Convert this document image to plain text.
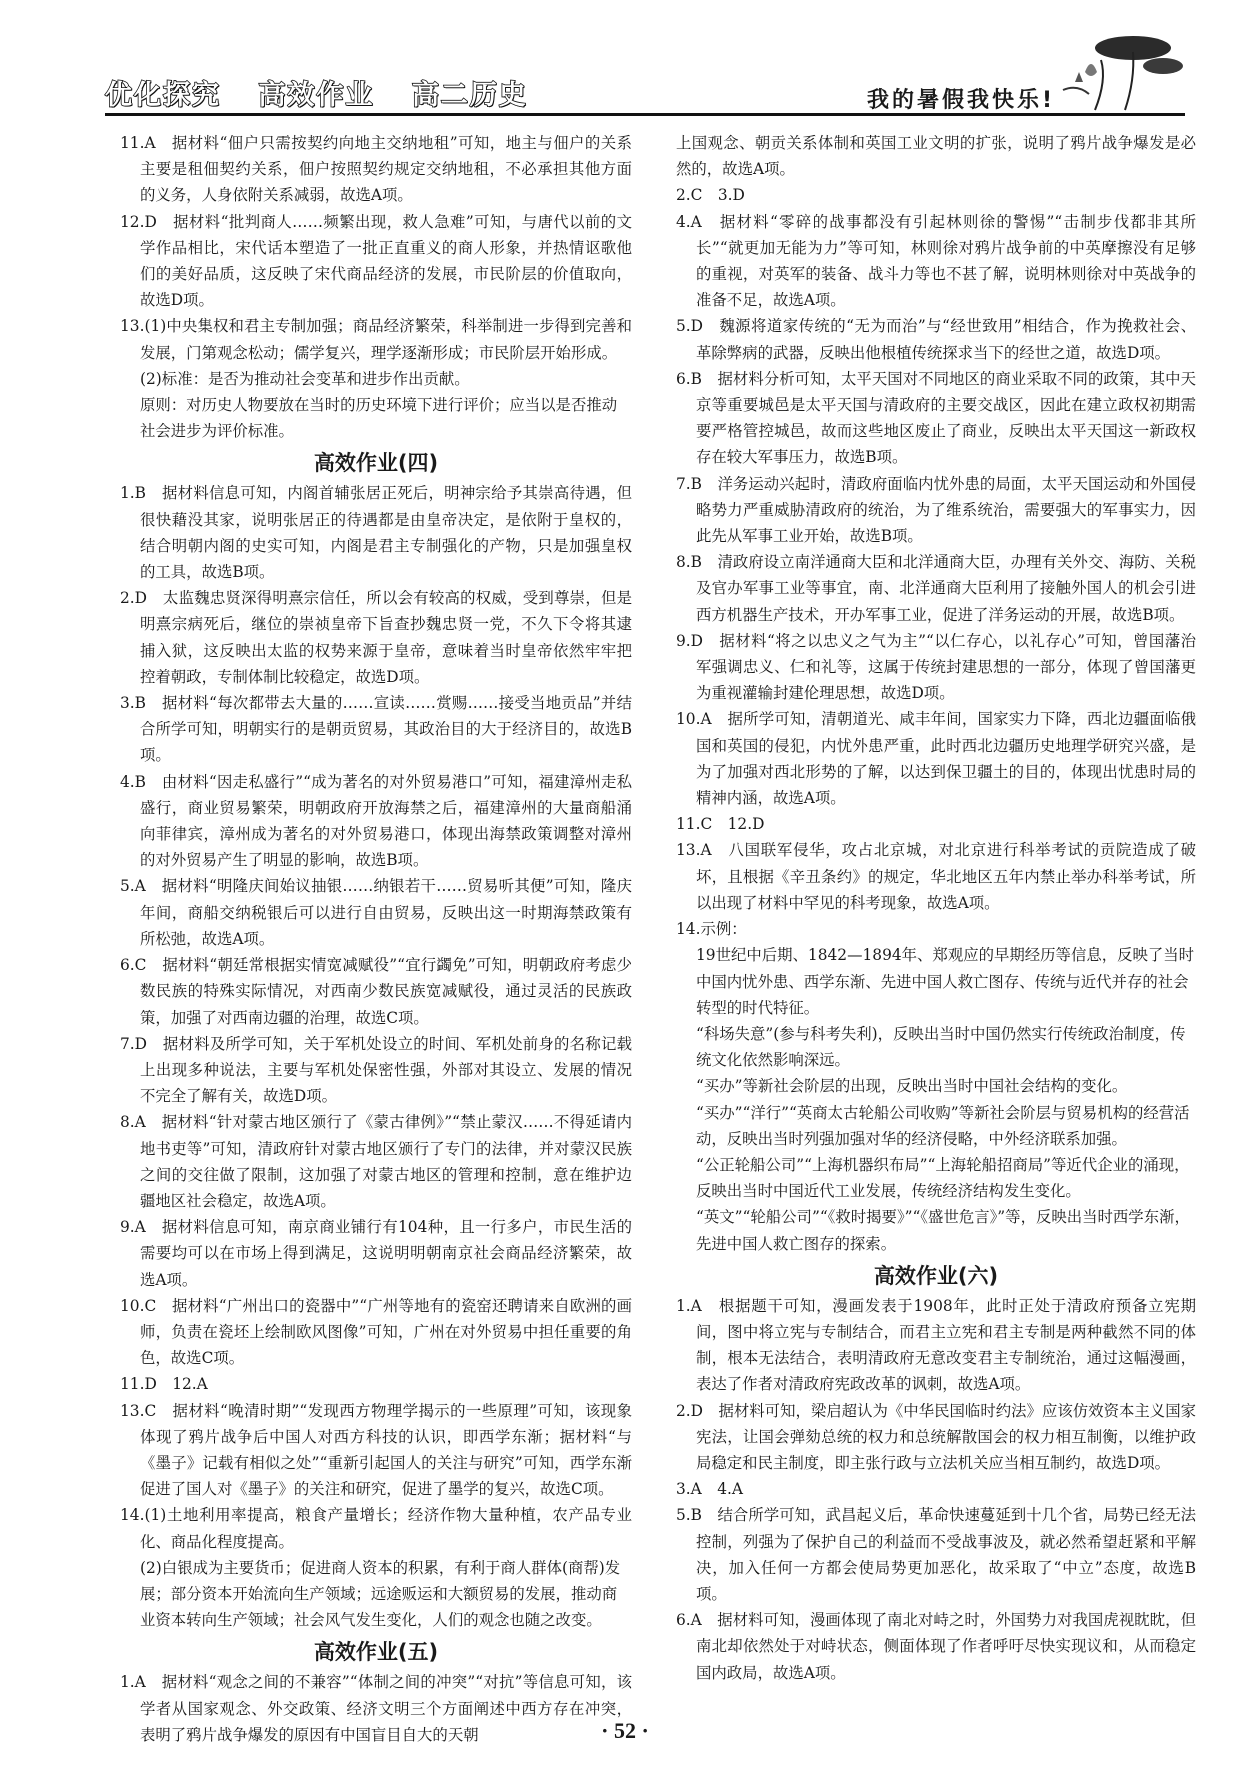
优化探究 高效作业 高二历史	我的暑假我快乐!
11.A　据材料“佃户只需按契约向地主交纳地租”可知，地主与佃户的关系主要是租佃契约关系，佃户按照契约规定交纳地租，不必承担其他方面的义务，人身依附关系减弱，故选A项。
12.D　据材料“批判商人……频繁出现，救人急难”可知，与唐代以前的文学作品相比，宋代话本塑造了一批正直重义的商人形象，并热情讴歌他们的美好品质，这反映了宋代商品经济的发展，市民阶层的价值取向，故选D项。
13.(1)中央集权和君主专制加强；商品经济繁荣，科举制进一步得到完善和发展，门第观念松动；儒学复兴，理学逐渐形成；市民阶层开始形成。
(2)标准：是否为推动社会变革和进步作出贡献。
原则：对历史人物要放在当时的历史环境下进行评价；应当以是否推动社会进步为评价标准。
高效作业(四)
1.B　据材料信息可知，内阁首辅张居正死后，明神宗给予其崇高待遇，但很快藉没其家，说明张居正的待遇都是由皇帝决定，是依附于皇权的，结合明朝内阁的史实可知，内阁是君主专制强化的产物，只是加强皇权的工具，故选B项。
2.D　太监魏忠贤深得明熹宗信任，所以会有较高的权威，受到尊崇，但是明熹宗病死后，继位的崇祯皇帝下旨查抄魏忠贤一党，不久下令将其逮捕入狱，这反映出太监的权势来源于皇帝，意味着当时皇帝依然牢牢把控着朝政，专制体制比较稳定，故选D项。
3.B　据材料“每次都带去大量的……宣读……赏赐……接受当地贡品”并结合所学可知，明朝实行的是朝贡贸易，其政治目的大于经济目的，故选B项。
4.B　由材料“因走私盛行”“成为著名的对外贸易港口”可知，福建漳州走私盛行，商业贸易繁荣，明朝政府开放海禁之后，福建漳州的大量商船涌向菲律宾，漳州成为著名的对外贸易港口，体现出海禁政策调整对漳州的对外贸易产生了明显的影响，故选B项。
5.A　据材料“明隆庆间始议抽银……纳银若干……贸易听其便”可知，隆庆年间，商船交纳税银后可以进行自由贸易，反映出这一时期海禁政策有所松弛，故选A项。
6.C　据材料“朝廷常根据实情宽减赋役”“宜行蠲免”可知，明朝政府考虑少数民族的特殊实际情况，对西南少数民族宽减赋役，通过灵活的民族政策，加强了对西南边疆的治理，故选C项。
7.D　据材料及所学可知，关于军机处设立的时间、军机处前身的名称记载上出现多种说法，主要与军机处保密性强，外部对其设立、发展的情况不完全了解有关，故选D项。
8.A　据材料“针对蒙古地区颁行了《蒙古律例》”“禁止蒙汉……不得延请内地书吏等”可知，清政府针对蒙古地区颁行了专门的法律，并对蒙汉民族之间的交往做了限制，这加强了对蒙古地区的管理和控制，意在维护边疆地区社会稳定，故选A项。
9.A　据材料信息可知，南京商业铺行有104种，且一行多户，市民生活的需要均可以在市场上得到满足，这说明明朝南京社会商品经济繁荣，故选A项。
10.C　据材料“广州出口的瓷器中”“广州等地有的瓷窑还聘请来自欧洲的画师，负责在瓷坯上绘制欧风图像”可知，广州在对外贸易中担任重要的角色，故选C项。
11.D　12.A
13.C　据材料“晚清时期”“发现西方物理学揭示的一些原理”可知，该现象体现了鸦片战争后中国人对西方科技的认识，即西学东渐；据材料“与《墨子》记载有相似之处”“重新引起国人的关注与研究”可知，西学东渐促进了国人对《墨子》的关注和研究，促进了墨学的复兴，故选C项。
14.(1)土地利用率提高，粮食产量增长；经济作物大量种植，农产品专业化、商品化程度提高。
(2)白银成为主要货币；促进商人资本的积累，有利于商人群体(商帮)发展；部分资本开始流向生产领域；远途贩运和大额贸易的发展，推动商业资本转向生产领域；社会风气发生变化，人们的观念也随之改变。
高效作业(五)
1.A　据材料“观念之间的不兼容”“体制之间的冲突”“对抗”等信息可知，该学者从国家观念、外交政策、经济文明三个方面阐述中西方存在冲突，表明了鸦片战争爆发的原因有中国盲目自大的天朝
上国观念、朝贡关系体制和英国工业文明的扩张，说明了鸦片战争爆发是必然的，故选A项。
2.C　3.D
4.A　据材料“零碎的战事都没有引起林则徐的警惕”“击制步伐都非其所长”“就更加无能为力”等可知，林则徐对鸦片战争前的中英摩擦没有足够的重视，对英军的装备、战斗力等也不甚了解，说明林则徐对中英战争的准备不足，故选A项。
5.D　魏源将道家传统的“无为而治”与“经世致用”相结合，作为挽救社会、革除弊病的武器，反映出他根植传统探求当下的经世之道，故选D项。
6.B　据材料分析可知，太平天国对不同地区的商业采取不同的政策，其中天京等重要城邑是太平天国与清政府的主要交战区，因此在建立政权初期需要严格管控城邑，故而这些地区废止了商业，反映出太平天国这一新政权存在较大军事压力，故选B项。
7.B　洋务运动兴起时，清政府面临内忧外患的局面，太平天国运动和外国侵略势力严重威胁清政府的统治，为了维系统治，需要强大的军事实力，因此先从军事工业开始，故选B项。
8.B　清政府设立南洋通商大臣和北洋通商大臣，办理有关外交、海防、关税及官办军事工业等事宜，南、北洋通商大臣利用了接触外国人的机会引进西方机器生产技术，开办军事工业，促进了洋务运动的开展，故选B项。
9.D　据材料“将之以忠义之气为主”“以仁存心，以礼存心”可知，曾国藩治军强调忠义、仁和礼等，这属于传统封建思想的一部分，体现了曾国藩更为重视灌输封建伦理思想，故选D项。
10.A　据所学可知，清朝道光、咸丰年间，国家实力下降，西北边疆面临俄国和英国的侵犯，内忧外患严重，此时西北边疆历史地理学研究兴盛，是为了加强对西北形势的了解，以达到保卫疆土的目的，体现出忧患时局的精神内涵，故选A项。
11.C　12.D
13.A　八国联军侵华，攻占北京城，对北京进行科举考试的贡院造成了破坏，且根据《辛丑条约》的规定，华北地区五年内禁止举办科举考试，所以出现了材料中罕见的科考现象，故选A项。
14.示例：
19世纪中后期、1842—1894年、郑观应的早期经历等信息，反映了当时中国内忧外患、西学东渐、先进中国人救亡图存、传统与近代并存的社会转型的时代特征。
“科场失意”(参与科考失利)，反映出当时中国仍然实行传统政治制度，传统文化依然影响深远。
“买办”等新社会阶层的出现，反映出当时中国社会结构的变化。
“买办”“洋行”“英商太古轮船公司收购”等新社会阶层与贸易机构的经营活动，反映出当时列强加强对华的经济侵略，中外经济联系加强。
“公正轮船公司”“上海机器织布局”“上海轮船招商局”等近代企业的涌现，反映出当时中国近代工业发展，传统经济结构发生变化。
“英文”“轮船公司”“《救时揭要》”“《盛世危言》”等，反映出当时西学东渐，先进中国人救亡图存的探索。
高效作业(六)
1.A　根据题干可知，漫画发表于1908年，此时正处于清政府预备立宪期间，图中将立宪与专制结合，而君主立宪和君主专制是两种截然不同的体制，根本无法结合，表明清政府无意改变君主专制统治，通过这幅漫画，表达了作者对清政府宪政改革的讽刺，故选A项。
2.D　据材料可知，梁启超认为《中华民国临时约法》应该仿效资本主义国家宪法，让国会弹劾总统的权力和总统解散国会的权力相互制衡，以维护政局稳定和民主制度，即主张行政与立法机关应当相互制约，故选D项。
3.A　4.A
5.B　结合所学可知，武昌起义后，革命快速蔓延到十几个省，局势已经无法控制，列强为了保护自己的利益而不受战事波及，就必然希望赶紧和平解决，加入任何一方都会使局势更加恶化，故采取了“中立”态度，故选B项。
6.A　据材料可知，漫画体现了南北对峙之时，外国势力对我国虎视眈眈，但南北却依然处于对峙状态，侧面体现了作者呼吁尽快实现议和，从而稳定国内政局，故选A项。
· 52 ·
